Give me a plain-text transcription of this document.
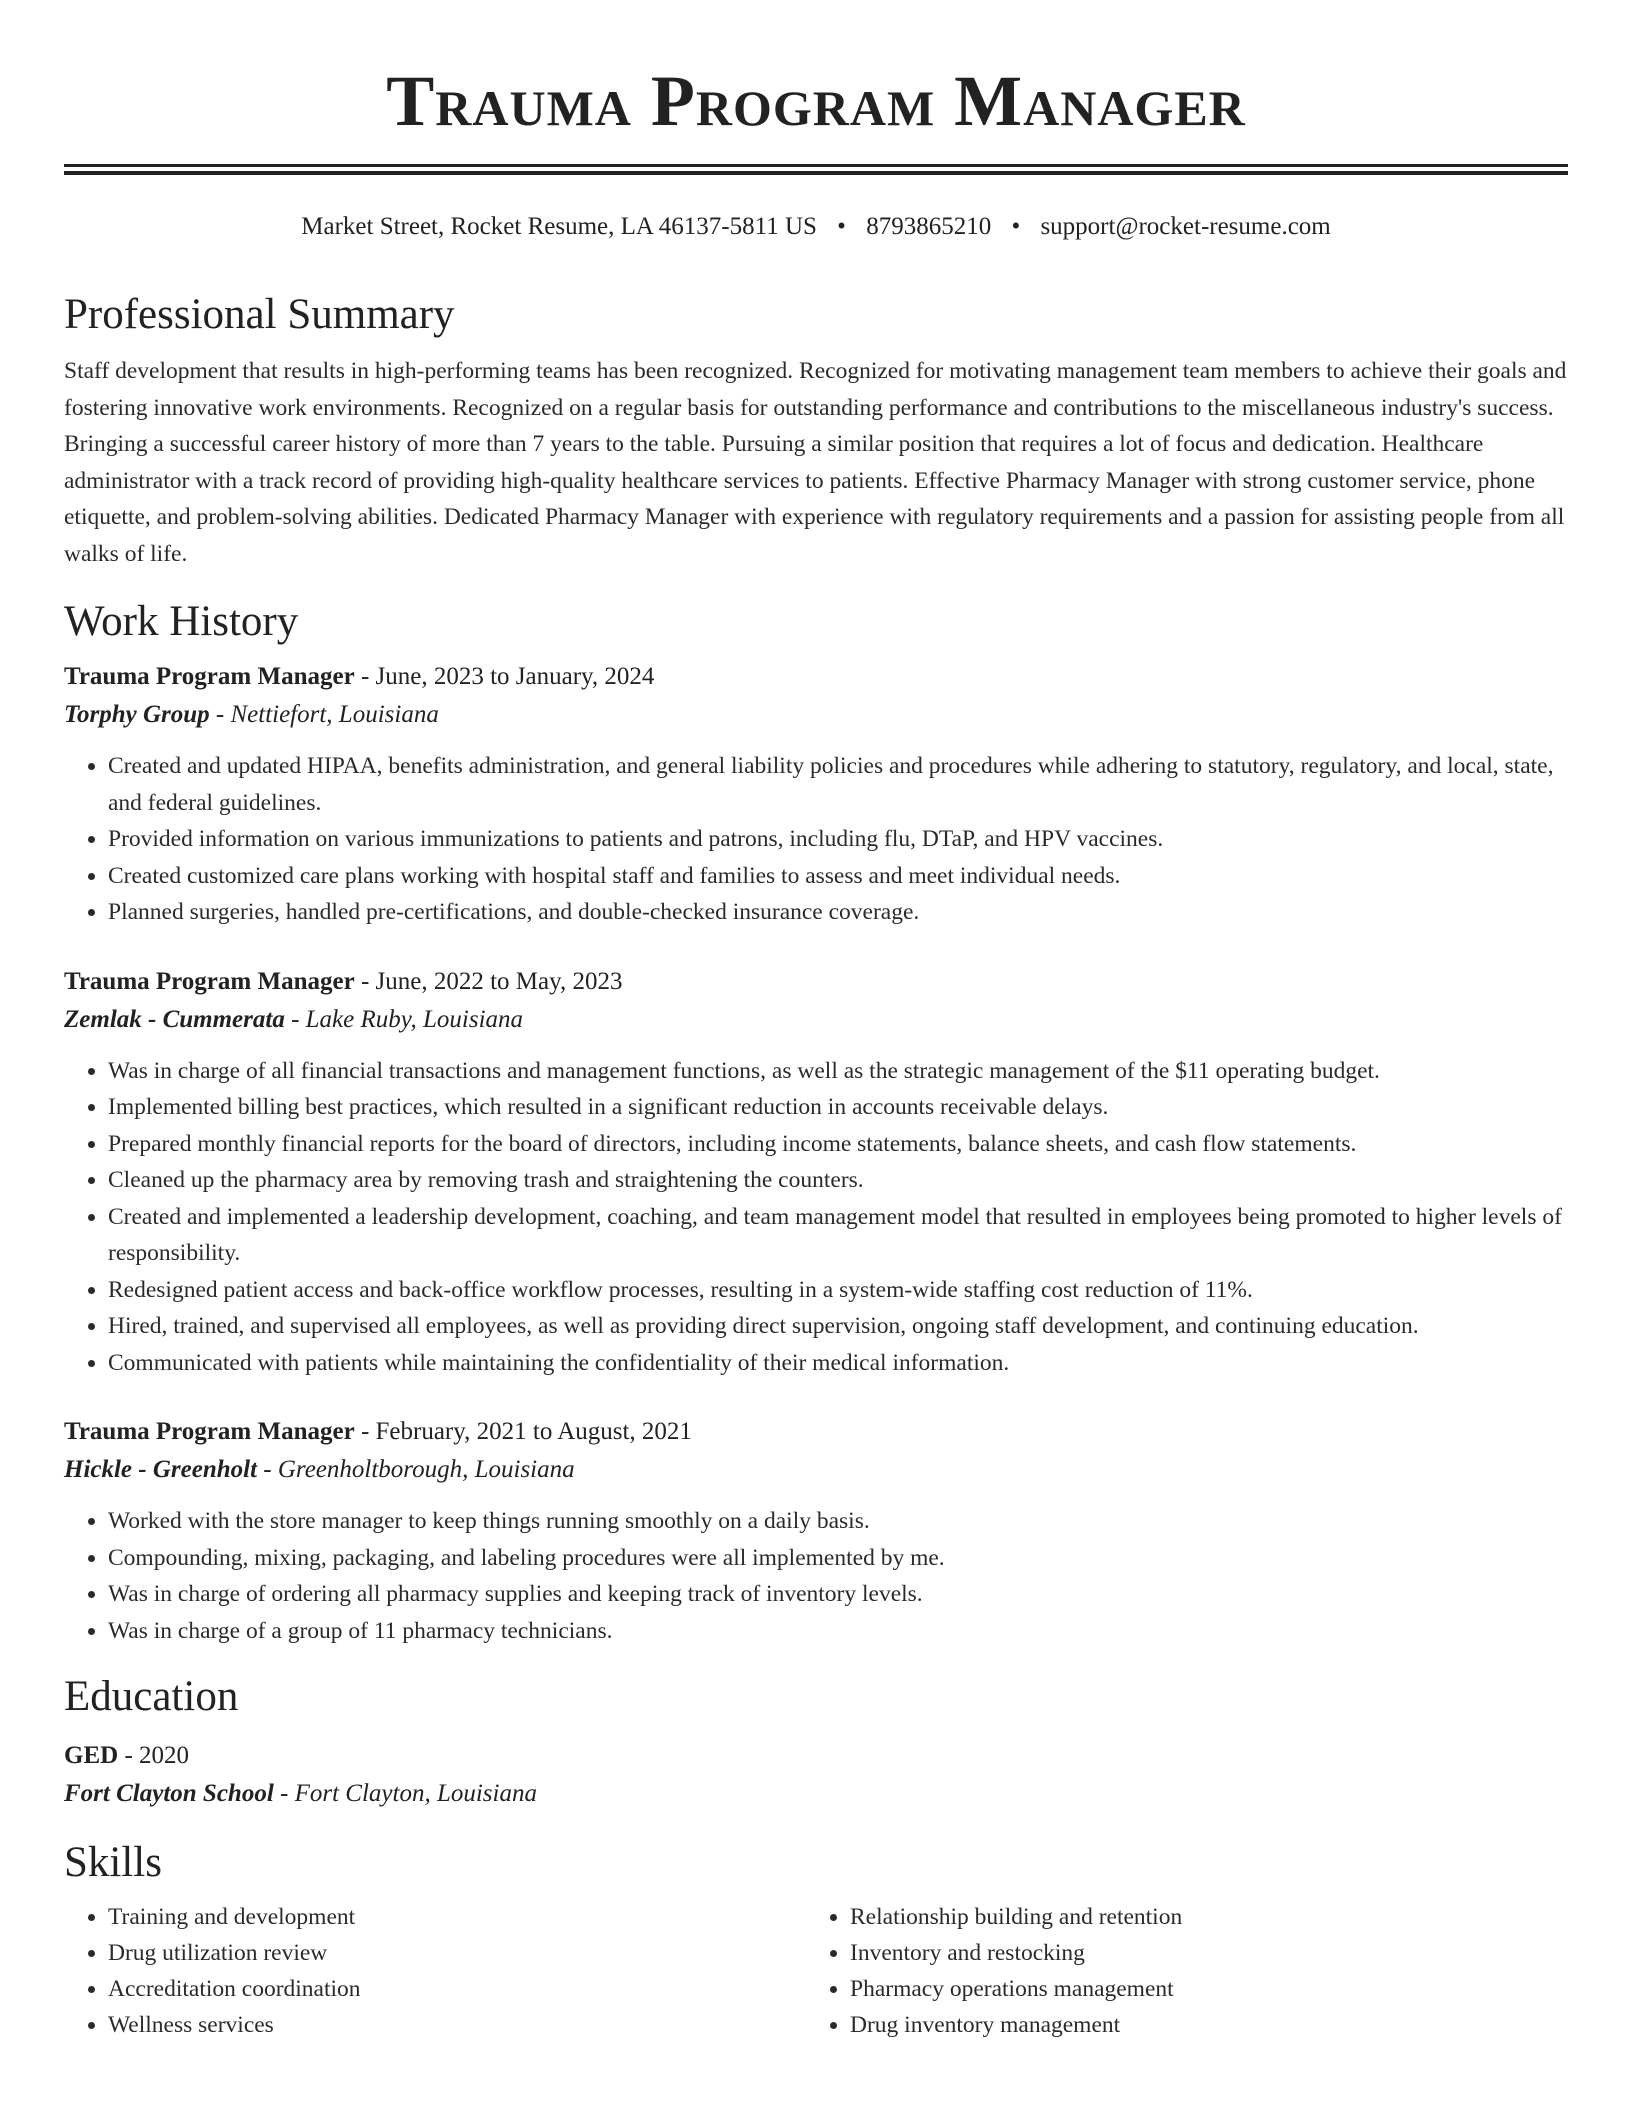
Trauma Program Manager
Market Street, Rocket Resume, LA 46137-5811 US • 8793865210 • support@rocket-resume.com
Professional Summary

Staff development that results in high-performing teams has been recognized. Recognized for motivating management team members to achieve their goals and fostering innovative work environments. Recognized on a regular basis for outstanding performance and contributions to the miscellaneous industry's success. Bringing a successful career history of more than 7 years to the table. Pursuing a similar position that requires a lot of focus and dedication. Healthcare administrator with a track record of providing high-quality healthcare services to patients. Effective Pharmacy Manager with strong customer service, phone etiquette, and problem-solving abilities. Dedicated Pharmacy Manager with experience with regulatory requirements and a passion for assisting people from all walks of life.

Work History
Trauma Program Manager - June, 2023 to January, 2024
Torphy Group - Nettiefort, Louisiana
• Created and updated HIPAA, benefits administration, and general liability policies and procedures while adhering to statutory, regulatory, and local, state, and federal guidelines.
• Provided information on various immunizations to patients and patrons, including flu, DTaP, and HPV vaccines.
• Created customized care plans working with hospital staff and families to assess and meet individual needs.
• Planned surgeries, handled pre-certifications, and double-checked insurance coverage.
Trauma Program Manager - June, 2022 to May, 2023
Zemlak - Cummerata - Lake Ruby, Louisiana
• Was in charge of all financial transactions and management functions, as well as the strategic management of the $11 operating budget.
• Implemented billing best practices, which resulted in a significant reduction in accounts receivable delays.
• Prepared monthly financial reports for the board of directors, including income statements, balance sheets, and cash flow statements.
• Cleaned up the pharmacy area by removing trash and straightening the counters.
• Created and implemented a leadership development, coaching, and team management model that resulted in employees being promoted to higher levels of responsibility.
• Redesigned patient access and back-office workflow processes, resulting in a system-wide staffing cost reduction of 11%.
• Hired, trained, and supervised all employees, as well as providing direct supervision, ongoing staff development, and continuing education.
• Communicated with patients while maintaining the confidentiality of their medical information.
Trauma Program Manager - February, 2021 to August, 2021
Hickle - Greenholt - Greenholtborough, Louisiana
• Worked with the store manager to keep things running smoothly on a daily basis.
• Compounding, mixing, packaging, and labeling procedures were all implemented by me.
• Was in charge of ordering all pharmacy supplies and keeping track of inventory levels.
• Was in charge of a group of 11 pharmacy technicians.
Education
GED - 2020
Fort Clayton School - Fort Clayton, Louisiana
Skills
• Training and development
• Drug utilization review
• Accreditation coordination
• Wellness services
• Relationship building and retention
• Inventory and restocking
• Pharmacy operations management
• Drug inventory management
